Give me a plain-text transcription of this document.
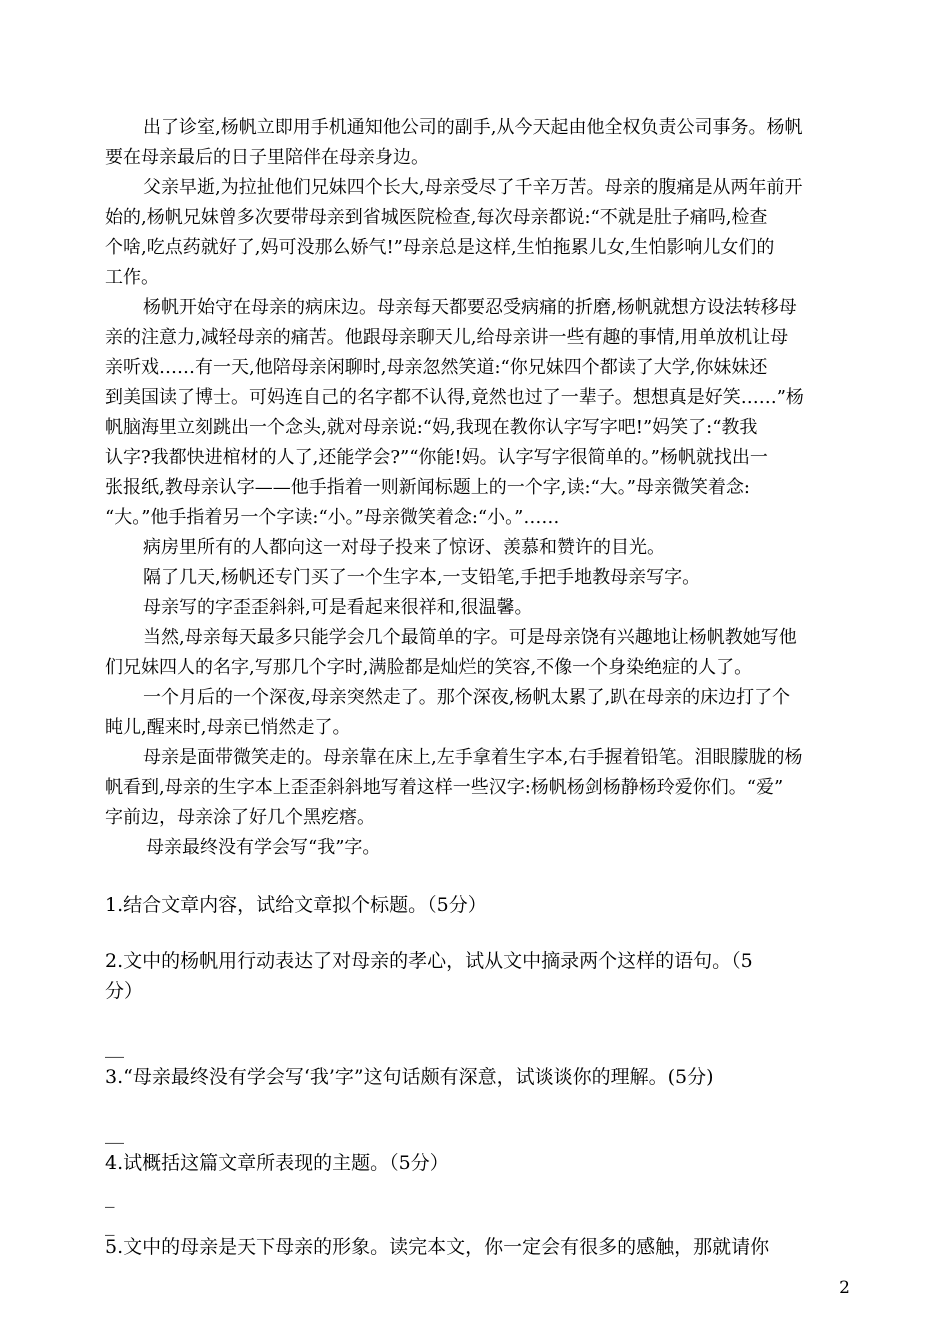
出了诊室,杨帆立即用手机通知他公司的副手,从今天起由他全权负责公司事务。杨帆
要在母亲最后的日子里陪伴在母亲身边。
父亲早逝,为拉扯他们兄妹四个长大,母亲受尽了千辛万苦。母亲的腹痛是从两年前开
始的,杨帆兄妹曾多次要带母亲到省城医院检查,每次母亲都说:“不就是肚子痛吗,检查
个啥,吃点药就好了,妈可没那么娇气!”母亲总是这样,生怕拖累儿女,生怕影响儿女们的
工作。
杨帆开始守在母亲的病床边。母亲每天都要忍受病痛的折磨,杨帆就想方设法转移母
亲的注意力,减轻母亲的痛苦。他跟母亲聊天儿,给母亲讲一些有趣的事情,用单放机让母
亲听戏……有一天,他陪母亲闲聊时,母亲忽然笑道:“你兄妹四个都读了大学,你妹妹还
到美国读了博士。可妈连自己的名字都不认得,竟然也过了一辈子。想想真是好笑……”杨
帆脑海里立刻跳出一个念头,就对母亲说:“妈,我现在教你认字写字吧!”妈笑了:“教我
认字?我都快进棺材的人了,还能学会?”“你能!妈。认字写字很简单的。”杨帆就找出一
张报纸,教母亲认字——他手指着一则新闻标题上的一个字,读:“大。”母亲微笑着念:
“大。”他手指着另一个字读:“小。”母亲微笑着念:“小。”……
病房里所有的人都向这一对母子投来了惊讶、羡慕和赞许的目光。
隔了几天,杨帆还专门买了一个生字本,一支铅笔,手把手地教母亲写字。
母亲写的字歪歪斜斜,可是看起来很祥和,很温馨。
当然,母亲每天最多只能学会几个最简单的字。可是母亲饶有兴趣地让杨帆教她写他
们兄妹四人的名字,写那几个字时,满脸都是灿烂的笑容,不像一个身染绝症的人了。
一个月后的一个深夜,母亲突然走了。那个深夜,杨帆太累了,趴在母亲的床边打了个
盹儿,醒来时,母亲已悄然走了。
母亲是面带微笑走的。母亲靠在床上,左手拿着生字本,右手握着铅笔。泪眼朦胧的杨
帆看到,母亲的生字本上歪歪斜斜地写着这样一些汉字:杨帆杨剑杨静杨玲爱你们。“爱”
字前边，母亲涂了好几个黑疙瘩。
母亲最终没有学会写“我”字。
1.结合文章内容，试给文章拟个标题。（5分）
2.文中的杨帆用行动表达了对母亲的孝心，试从文中摘录两个这样的语句。（5
分）
__
3.“母亲最终没有学会写‘我’字”这句话颇有深意，试谈谈你的理解。(5分)
__
4.试概括这篇文章所表现的主题。（5分）
_
_
5.文中的母亲是天下母亲的形象。读完本文，你一定会有很多的感触，那就请你
2
